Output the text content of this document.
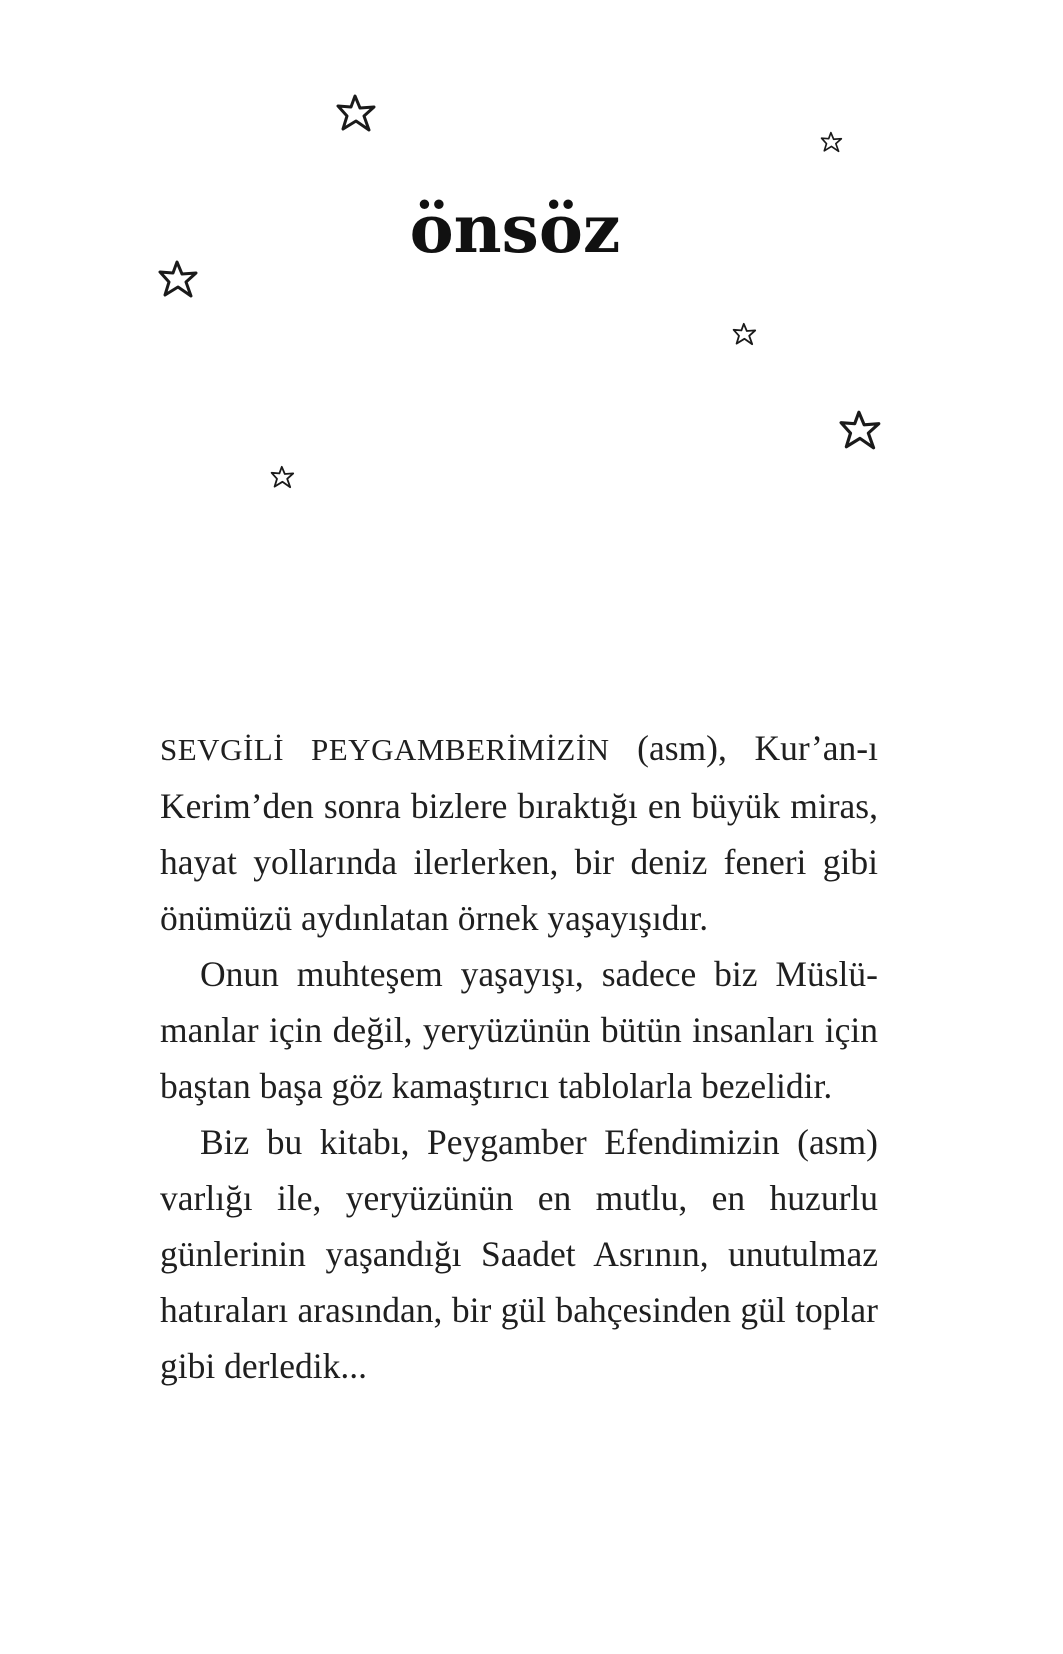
önsöz

SEVGİLİ PEYGAMBERİMİZİN (asm), Kur’an-ı Kerim’den sonra bizlere bıraktığı en büyük miras, hayat yollarında ilerlerken, bir deniz feneri gibi önümüzü aydınlatan örnek yaşayışıdır.

Onun muhteşem yaşayışı, sadece biz Müslümanlar için değil, yeryüzünün bütün insanları için baştan başa göz kamaştırıcı tablolarla bezelidir.

Biz bu kitabı, Peygamber Efendimizin (asm) varlığı ile, yeryüzünün en mutlu, en huzurlu günlerinin yaşandığı Saadet Asrının, unutulmaz hatıraları arasından, bir gül bahçesinden gül toplar gibi derledik...
